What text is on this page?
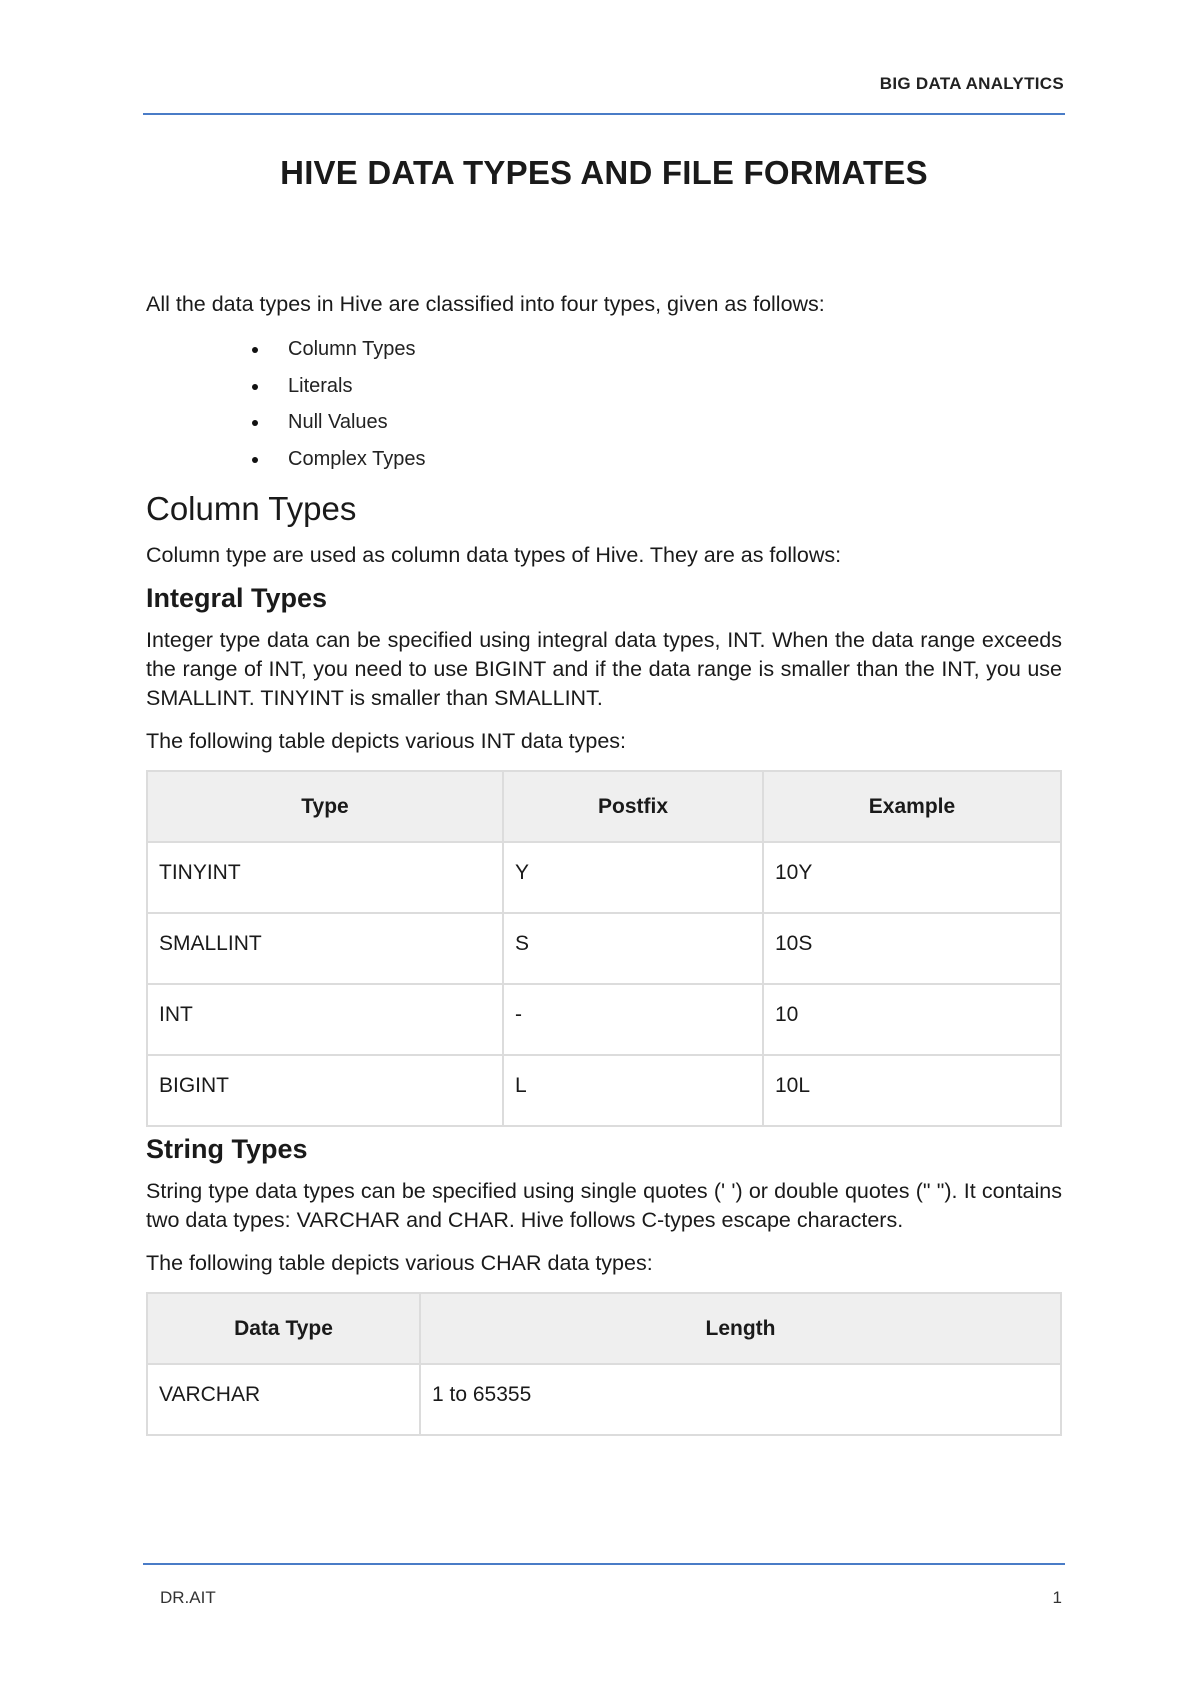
BIG DATA ANALYTICS
HIVE DATA TYPES AND FILE FORMATES

All the data types in Hive are classified into four types, given as follows:

Column Types
Literals
Null Values
Complex Types
Column Types

Column type are used as column data types of Hive. They are as follows:

Integral Types

Integer type data can be specified using integral data types, INT. When the data range exceeds the range of INT, you need to use BIGINT and if the data range is smaller than the INT, you use SMALLINT. TINYINT is smaller than SMALLINT.

The following table depicts various INT data types:

Type	Postfix	Example
TINYINT	Y	10Y
SMALLINT	S	10S
INT	-	10
BIGINT	L	10L
String Types

String type data types can be specified using single quotes (' ') or double quotes (" "). It contains two data types: VARCHAR and CHAR. Hive follows C-types escape characters.

The following table depicts various CHAR data types:

Data Type	Length
VARCHAR	1 to 65355
DR.AIT	1
